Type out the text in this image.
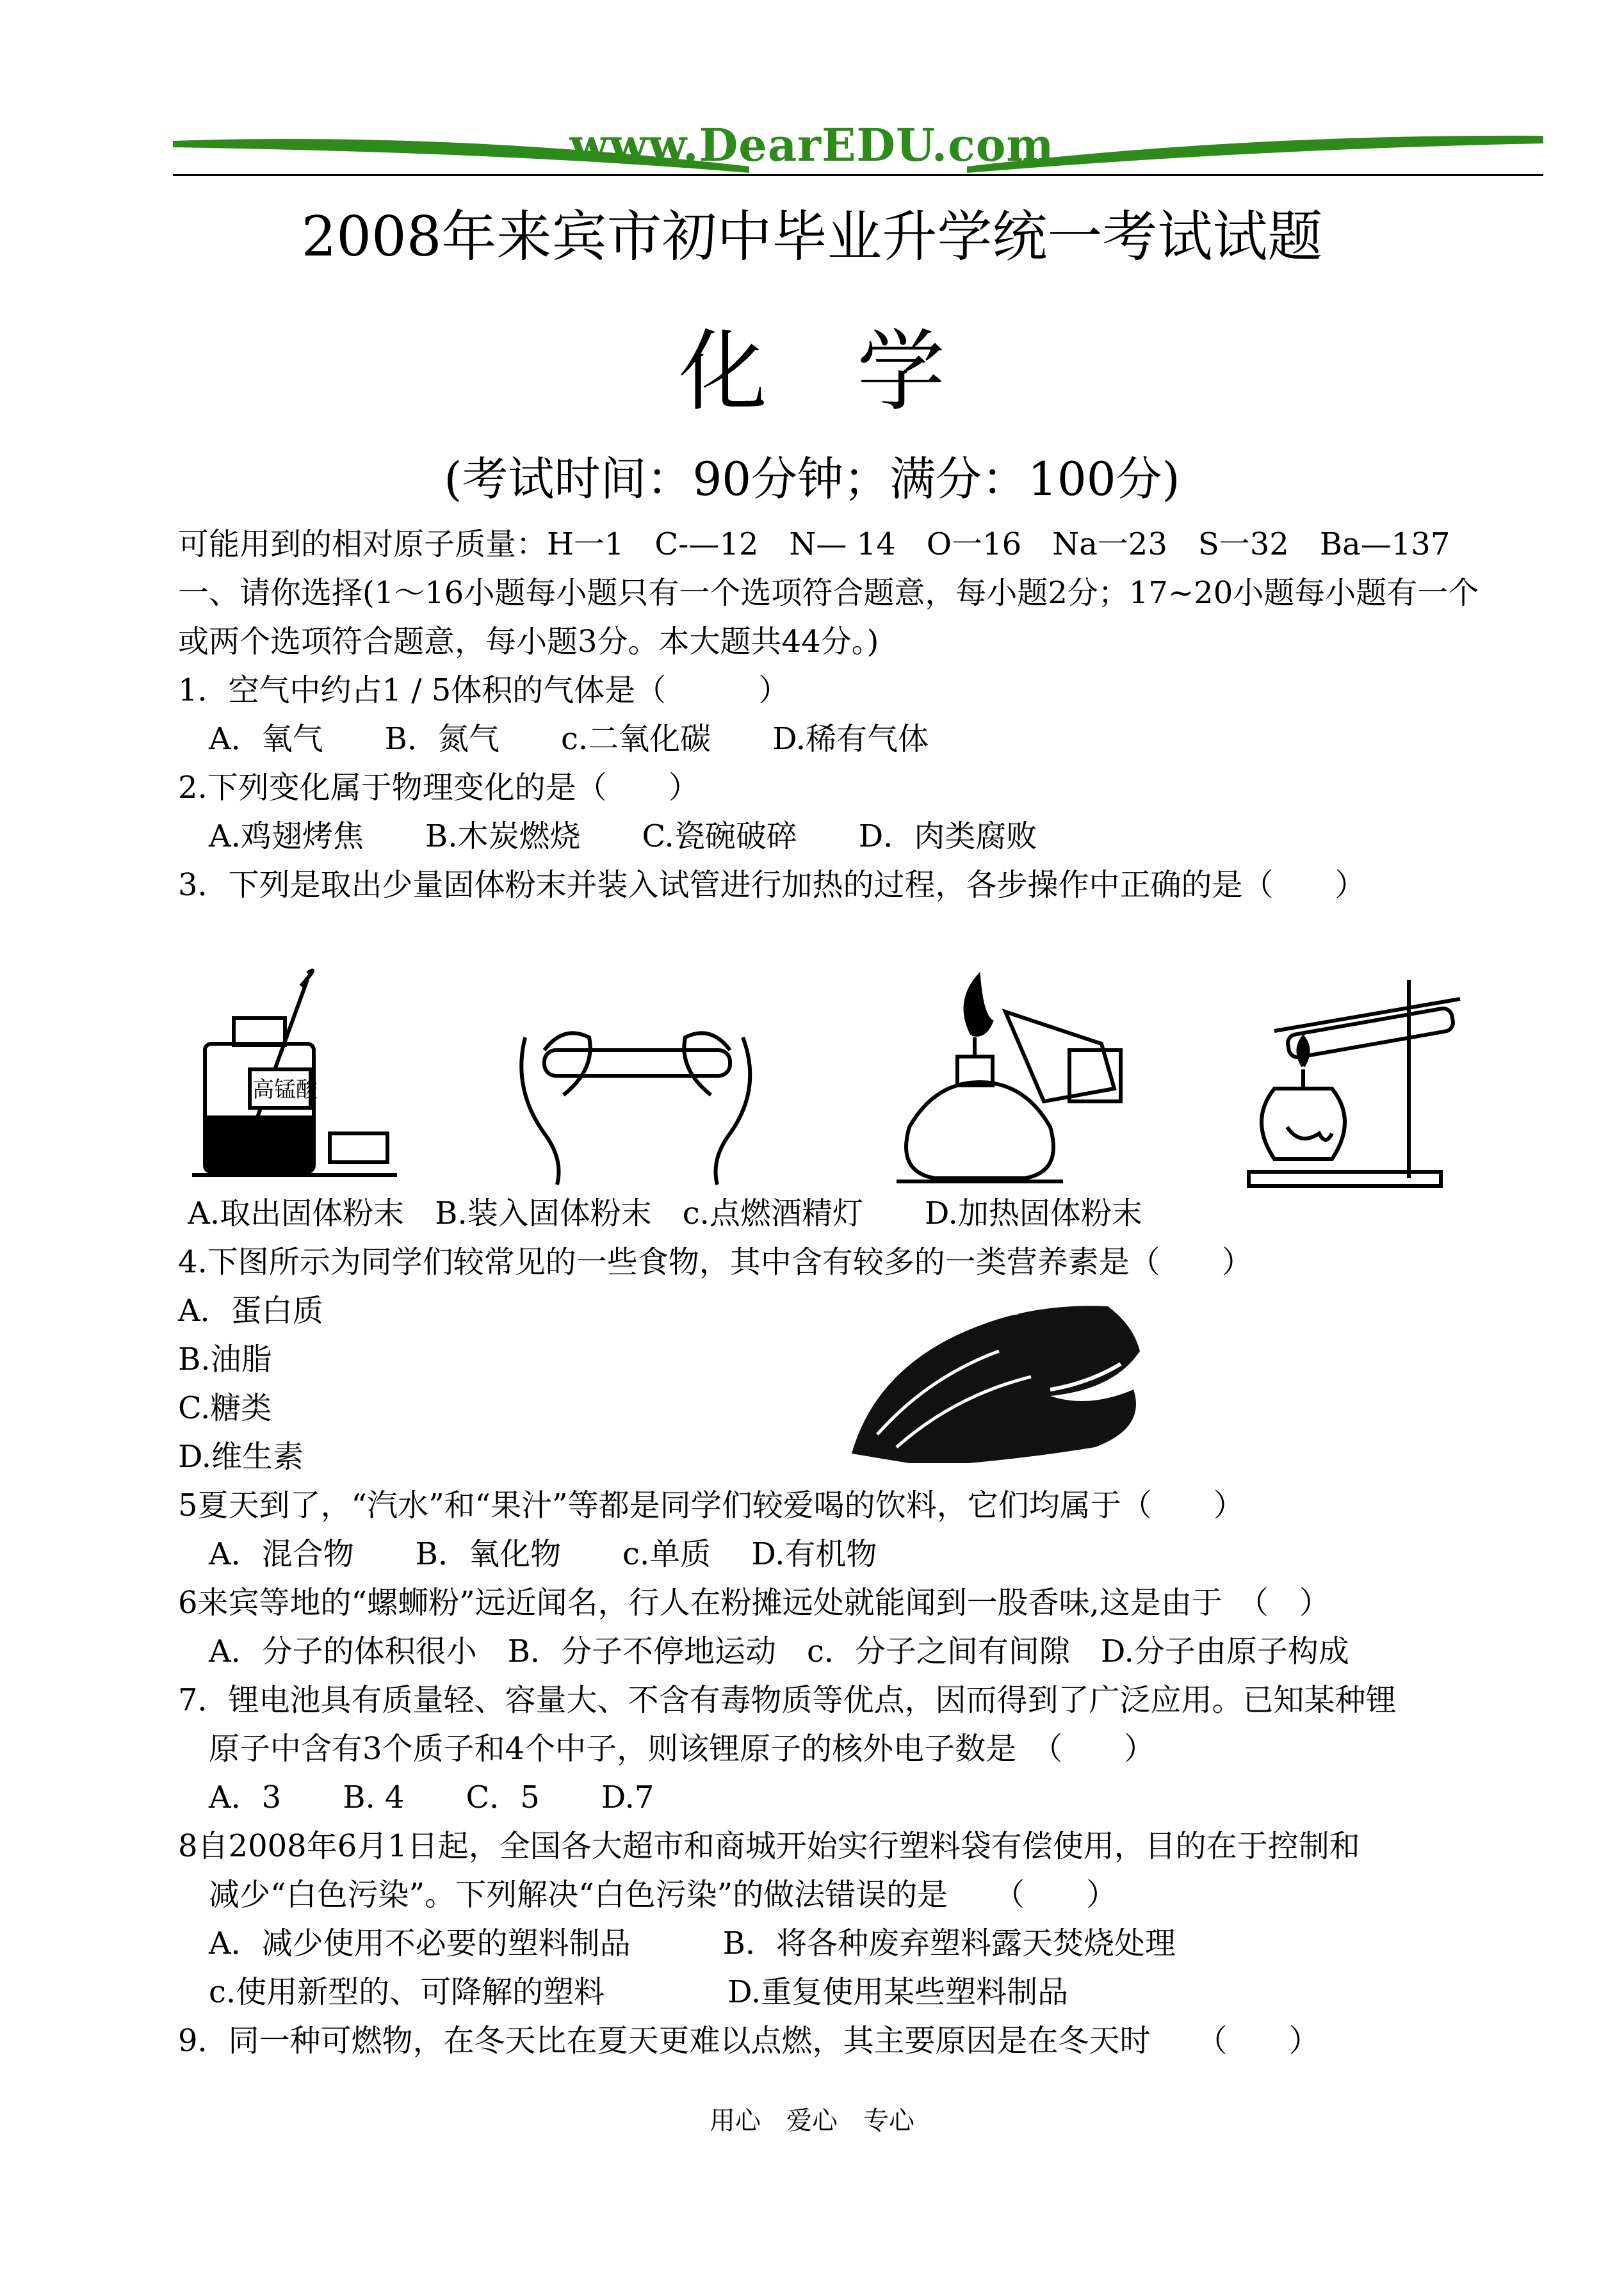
www.DearEDU.com
2008年来宾市初中毕业升学统一考试试题
化学
(考试时间：90分钟；满分：100分)
可能用到的相对原子质量：H一1　C-—12　N— 14　O一16　Na一23　S一32　Ba—137
一、请你选择(1～16小题每小题只有一个选项符合题意，每小题2分；17~20小题每小题有一个
或两个选项符合题意，每小题3分。本大题共44分。)
1．空气中约占1 / 5体积的气体是（　　　）
　A．氧气　　B．氮气　　c.二氧化碳　　D.稀有气体
2.下列变化属于物理变化的是（　　）
　A.鸡翅烤焦　　B.木炭燃烧　　C.瓷碗破碎　　D．肉类腐败
3．下列是取出少量固体粉末并装入试管进行加热的过程，各步操作中正确的是（　　）
高锰酸
A.取出固体粉末　B.装入固体粉末　c.点燃酒精灯　　D.加热固体粉末
4.下图所示为同学们较常见的一些食物，其中含有较多的一类营养素是（　　）
A．蛋白质
B.油脂
C.糖类
D.维生素
5夏天到了，“汽水”和“果汁”等都是同学们较爱喝的饮料，它们均属于（　　）
　A．混合物　　B．氧化物　　c.单质　 D.有机物
6来宾等地的“螺蛳粉”远近闻名，行人在粉摊远处就能闻到一股香味,这是由于　（　）
　A．分子的体积很小　B．分子不停地运动　c．分子之间有间隙　D.分子由原子构成
7．锂电池具有质量轻、容量大、不含有毒物质等优点，因而得到了广泛应用。已知某种锂
　原子中含有3个质子和4个中子，则该锂原子的核外电子数是　（　　）
　A．3　　B. 4　　C．5　　D.7
8自2008年6月1日起，全国各大超市和商城开始实行塑料袋有偿使用，目的在于控制和
　减少“白色污染”。下列解决“白色污染”的做法错误的是　　（　　）
　A．减少使用不必要的塑料制品　　　B．将各种废弃塑料露天焚烧处理
　c.使用新型的、可降解的塑料　　　　D.重复使用某些塑料制品
9．同一种可燃物，在冬天比在夏天更难以点燃，其主要原因是在冬天时　　（　　）
用心　爱心　专心
